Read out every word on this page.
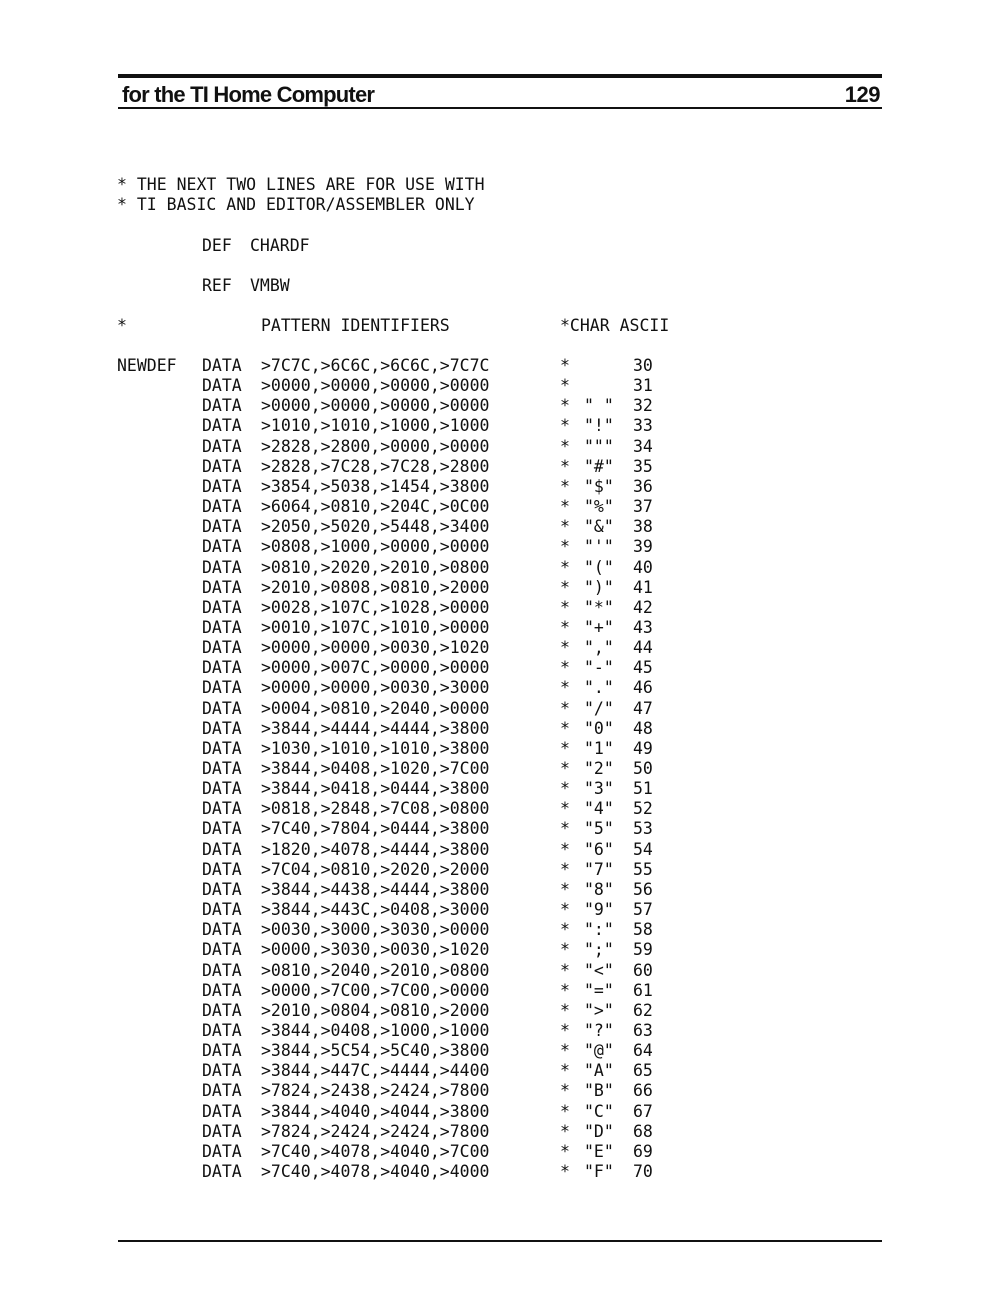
for the TI Home Computer	129
* THE NEXT TWO LINES ARE FOR USE WITH
* TI BASIC AND EDITOR/ASSEMBLER ONLY
DEF CHARDF
REF VMBW
*	PATTERN IDENTIFIERS	*CHAR ASCII
NEWDEF DATA >7C7C,>6C6C,>6C6C,>7C7C	*	30
DATA >0000,>0000,>0000,>0000	*	31
DATA >0000,>0000,>0000,>0000	* " " 32
DATA >1010,>1010,>1000,>1000	* "!" 33
DATA >2828,>2800,>0000,>0000	* """ 34
DATA >2828,>7C28,>7C28,>2800	* "#" 35
DATA >3854,>5038,>1454,>3800	* "$" 36
DATA >6064,>0810,>204C,>0C00	* "%" 37
DATA >2050,>5020,>5448,>3400	* "&" 38
DATA >0808,>1000,>0000,>0000	* "'" 39
DATA >0810,>2020,>2010,>0800	* "(" 40
DATA >2010,>0808,>0810,>2000	* ")" 41
DATA >0028,>107C,>1028,>0000	* "*" 42
DATA >0010,>107C,>1010,>0000	* "+" 43
DATA >0000,>0000,>0030,>1020	* "," 44
DATA >0000,>007C,>0000,>0000	* "-" 45
DATA >0000,>0000,>0030,>3000	* "." 46
DATA >0004,>0810,>2040,>0000	* "/" 47
DATA >3844,>4444,>4444,>3800	* "0" 48
DATA >1030,>1010,>1010,>3800	* "1" 49
DATA >3844,>0408,>1020,>7C00	* "2" 50
DATA >3844,>0418,>0444,>3800	* "3" 51
DATA >0818,>2848,>7C08,>0800	* "4" 52
DATA >7C40,>7804,>0444,>3800	* "5" 53
DATA >1820,>4078,>4444,>3800	* "6" 54
DATA >7C04,>0810,>2020,>2000	* "7" 55
DATA >3844,>4438,>4444,>3800	* "8" 56
DATA >3844,>443C,>0408,>3000	* "9" 57
DATA >0030,>3000,>3030,>0000	* ":" 58
DATA >0000,>3030,>0030,>1020	* ";" 59
DATA >0810,>2040,>2010,>0800	* "<" 60
DATA >0000,>7C00,>7C00,>0000	* "=" 61
DATA >2010,>0804,>0810,>2000	* ">" 62
DATA >3844,>0408,>1000,>1000	* "?" 63
DATA >3844,>5C54,>5C40,>3800	* "@" 64
DATA >3844,>447C,>4444,>4400	* "A" 65
DATA >7824,>2438,>2424,>7800	* "B" 66
DATA >3844,>4040,>4044,>3800	* "C" 67
DATA >7824,>2424,>2424,>7800	* "D" 68
DATA >7C40,>4078,>4040,>7C00	* "E" 69
DATA >7C40,>4078,>4040,>4000	* "F" 70
